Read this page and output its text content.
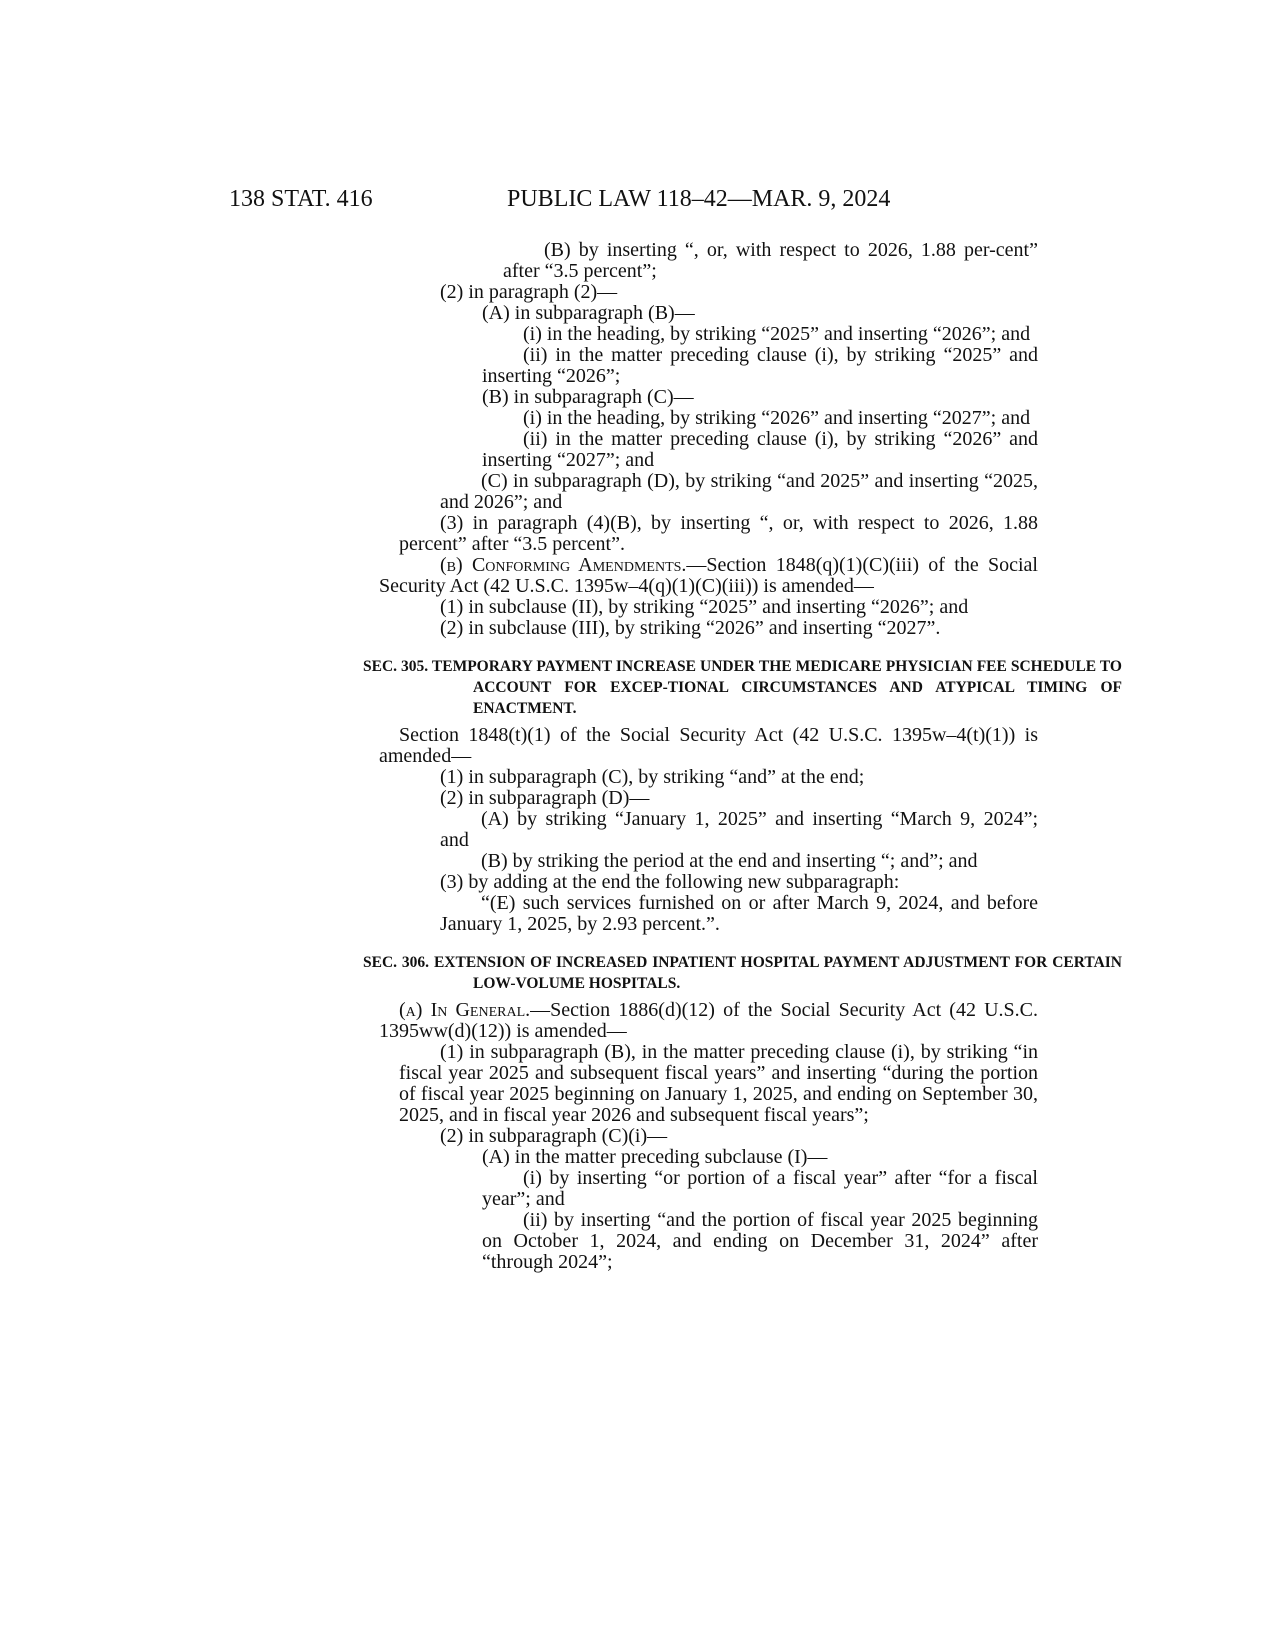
138 STAT. 416	PUBLIC LAW 118–42—MAR. 9, 2024
(B) by inserting “, or, with respect to 2026, 1.88 per-cent” after “3.5 percent”;
(2) in paragraph (2)—
(A) in subparagraph (B)—
(i) in the heading, by striking “2025” and inserting “2026”; and
(ii) in the matter preceding clause (i), by striking “2025” and inserting “2026”;
(B) in subparagraph (C)—
(i) in the heading, by striking “2026” and inserting “2027”; and
(ii) in the matter preceding clause (i), by striking “2026” and inserting “2027”; and
(C) in subparagraph (D), by striking “and 2025” and inserting “2025, and 2026”; and
(3) in paragraph (4)(B), by inserting “, or, with respect to 2026, 1.88 percent” after “3.5 percent”.
(b) Conforming Amendments.—Section 1848(q)(1)(C)(iii) of the Social Security Act (42 U.S.C. 1395w–4(q)(1)(C)(iii)) is amended—
(1) in subclause (II), by striking “2025” and inserting “2026”; and
(2) in subclause (III), by striking “2026” and inserting “2027”.
SEC. 305. TEMPORARY PAYMENT INCREASE UNDER THE MEDICARE PHYSICIAN FEE SCHEDULE TO ACCOUNT FOR EXCEP-TIONAL CIRCUMSTANCES AND ATYPICAL TIMING OF ENACTMENT.
Section 1848(t)(1) of the Social Security Act (42 U.S.C. 1395w–4(t)(1)) is amended—
(1) in subparagraph (C), by striking “and” at the end;
(2) in subparagraph (D)—
(A) by striking “January 1, 2025” and inserting “March 9, 2024”; and
(B) by striking the period at the end and inserting “; and”; and
(3) by adding at the end the following new subparagraph:
“(E) such services furnished on or after March 9, 2024, and before January 1, 2025, by 2.93 percent.”.
SEC. 306. EXTENSION OF INCREASED INPATIENT HOSPITAL PAYMENT ADJUSTMENT FOR CERTAIN LOW-VOLUME HOSPITALS.
(a) In General.—Section 1886(d)(12) of the Social Security Act (42 U.S.C. 1395ww(d)(12)) is amended—
(1) in subparagraph (B), in the matter preceding clause (i), by striking “in fiscal year 2025 and subsequent fiscal years” and inserting “during the portion of fiscal year 2025 beginning on January 1, 2025, and ending on September 30, 2025, and in fiscal year 2026 and subsequent fiscal years”;
(2) in subparagraph (C)(i)—
(A) in the matter preceding subclause (I)—
(i) by inserting “or portion of a fiscal year” after “for a fiscal year”; and
(ii) by inserting “and the portion of fiscal year 2025 beginning on October 1, 2024, and ending on December 31, 2024” after “through 2024”;
